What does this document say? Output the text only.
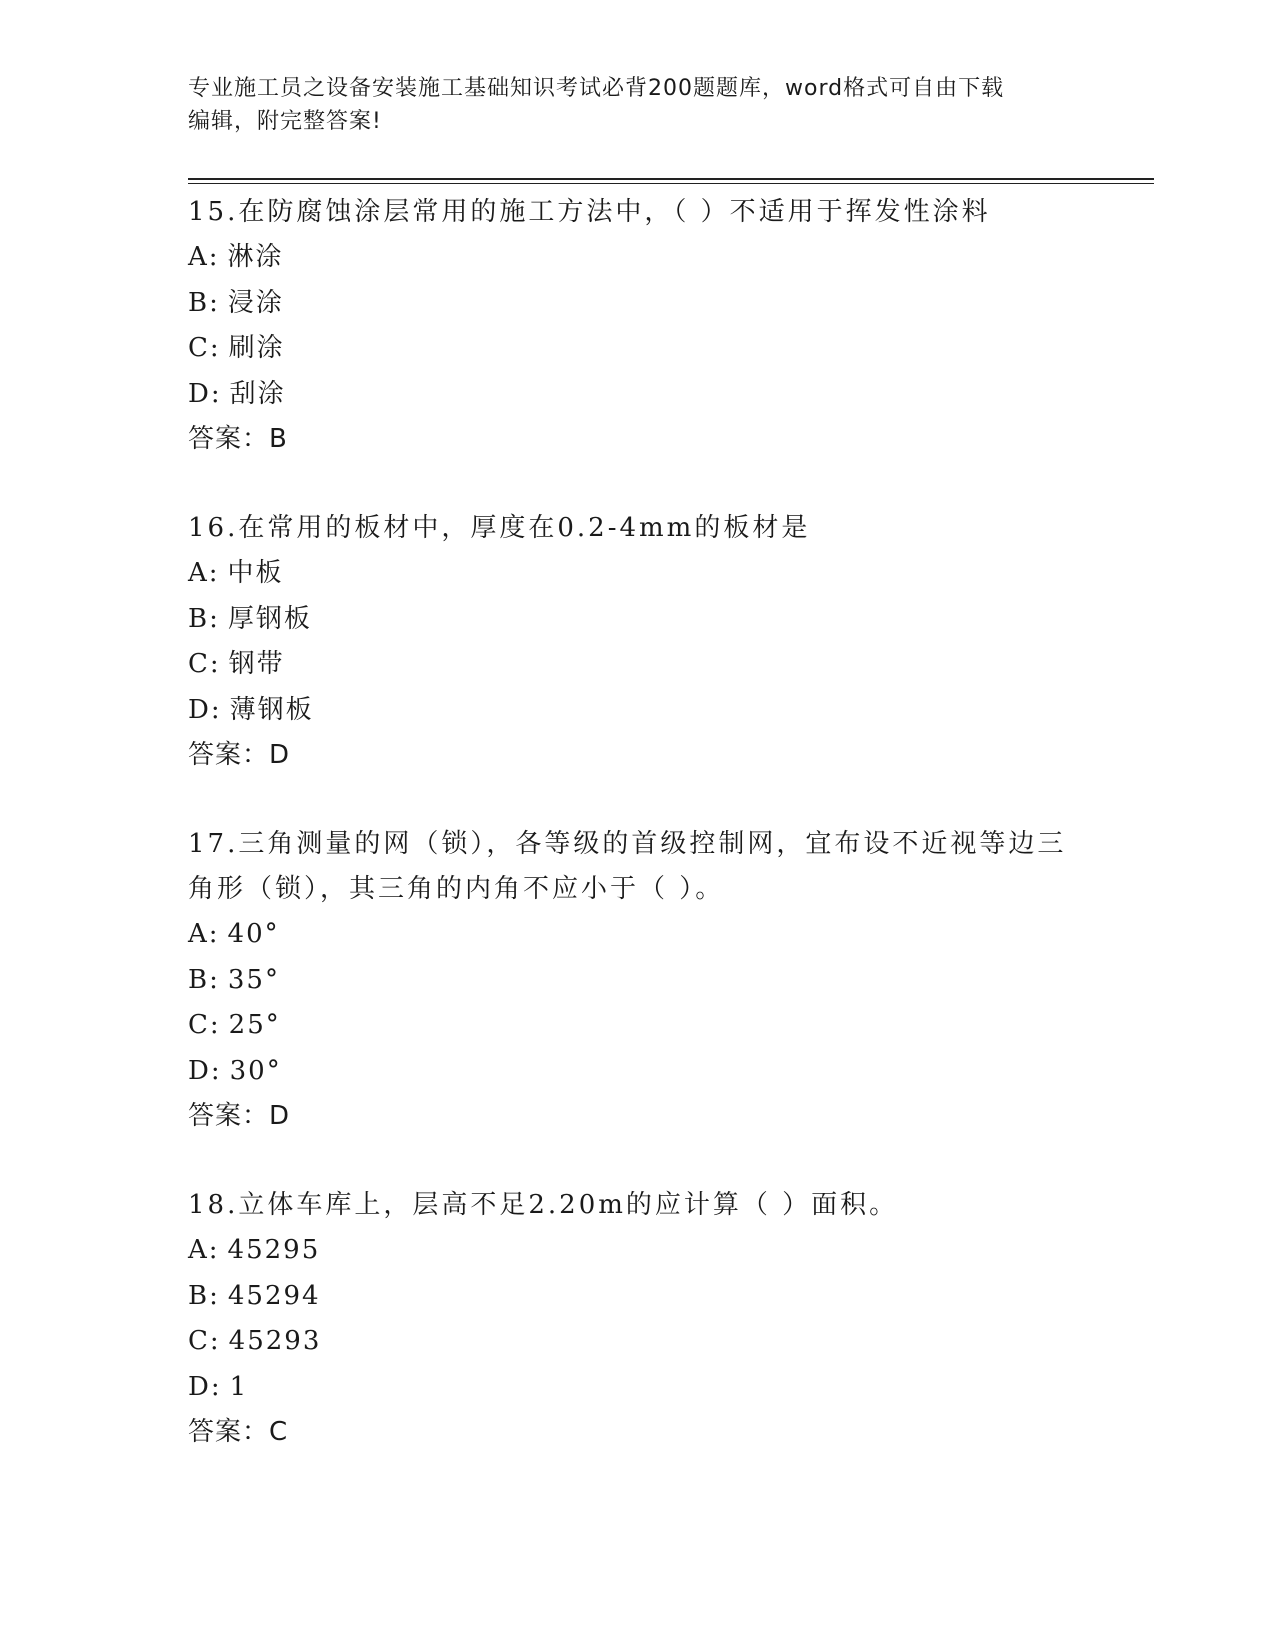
专业施工员之设备安装施工基础知识考试必背200题题库，word格式可自由下载
编辑，附完整答案!

15.在防腐蚀涂层常用的施工方法中，（ ）不适用于挥发性涂料

A: 淋涂

B: 浸涂

C: 刷涂

D: 刮涂

答案：B

16.在常用的板材中，厚度在0.2-4mm的板材是

A: 中板

B: 厚钢板

C: 钢带

D: 薄钢板

答案：D

17.三角测量的网（锁），各等级的首级控制网，宜布设不近视等边三角形（锁），其三角的内角不应小于（ ）。

A: 40°

B: 35°

C: 25°

D: 30°

答案：D

18.立体车库上，层高不足2.20m的应计算（ ）面积。

A: 45295

B: 45294

C: 45293

D: 1

答案：C
